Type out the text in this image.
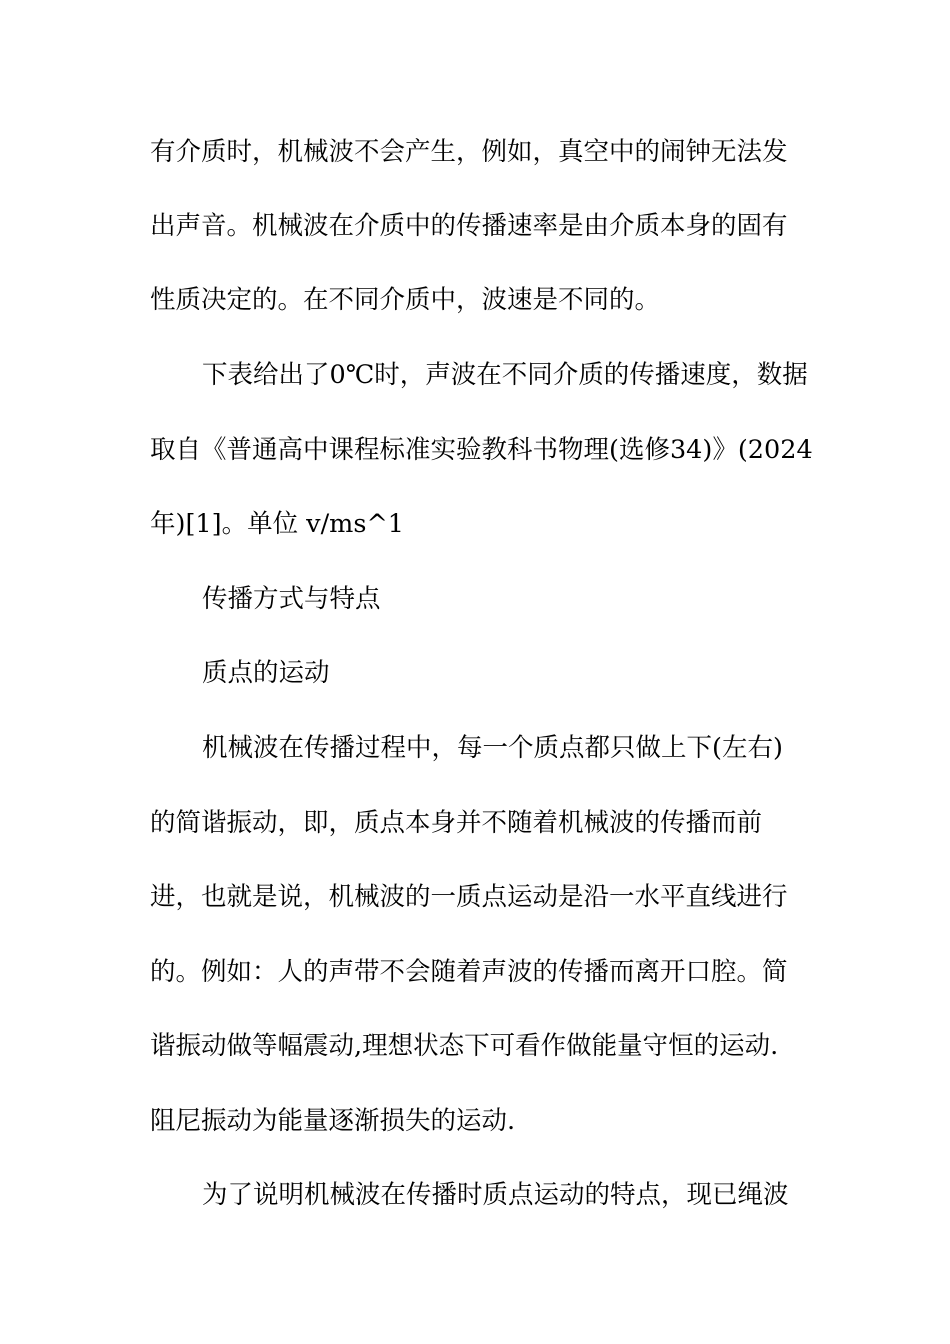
有介质时，机械波不会产生，例如，真空中的闹钟无法发
出声音。机械波在介质中的传播速率是由介质本身的固有
性质决定的。在不同介质中，波速是不同的。
下表给出了0℃时，声波在不同介质的传播速度，数据
取自《普通高中课程标准实验教科书物理(选修34)》(2024
年)[1]。单位 v/ms^1
传播方式与特点
质点的运动
机械波在传播过程中，每一个质点都只做上下(左右)
的简谐振动，即，质点本身并不随着机械波的传播而前
进，也就是说，机械波的一质点运动是沿一水平直线进行
的。例如：人的声带不会随着声波的传播而离开口腔。简
谐振动做等幅震动,理想状态下可看作做能量守恒的运动.
阻尼振动为能量逐渐损失的运动.
为了说明机械波在传播时质点运动的特点，现已绳波
